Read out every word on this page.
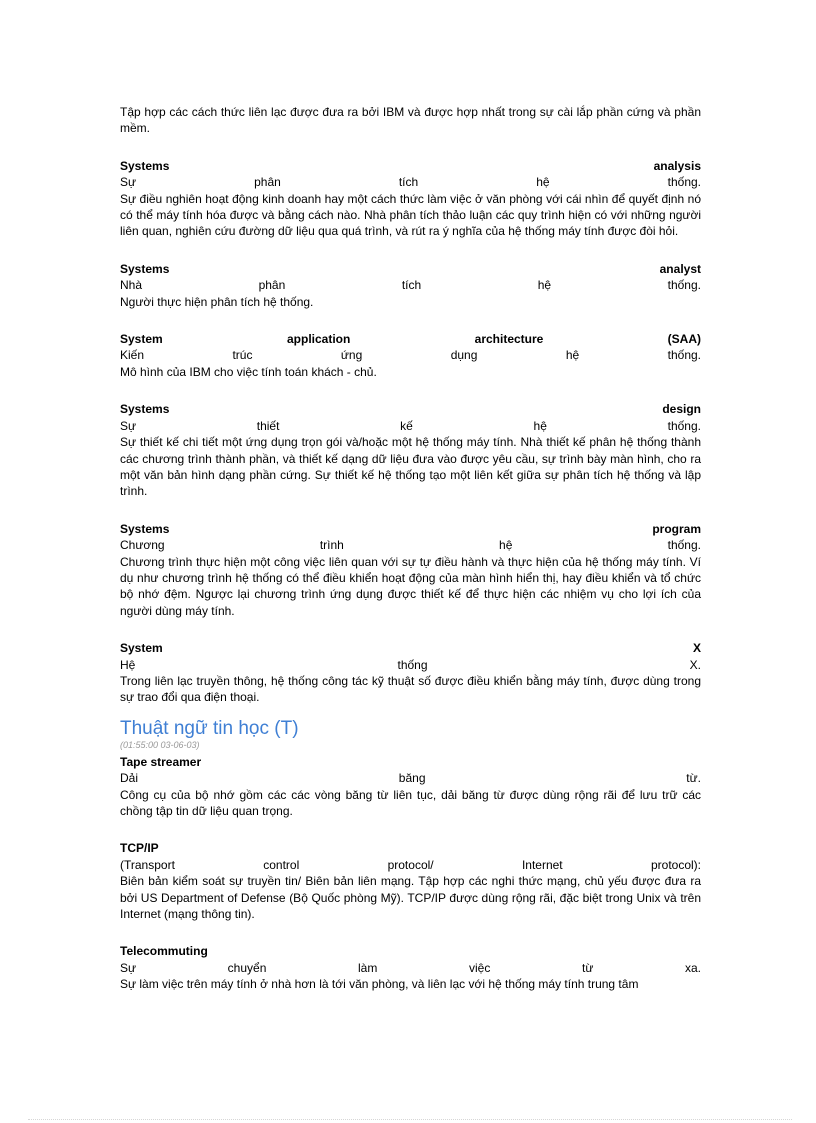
Tập hợp các cách thức liên lạc được đưa ra bởi IBM và được hợp nhất trong sự cài lắp phần cứng và phần mềm.

Systems analysis
Sự phân tích hệ thống.
Sự điều nghiên hoạt động kinh doanh hay một cách thức làm việc ở văn phòng với cái nhìn để quyết định nó có thể máy tính hóa được và bằng cách nào. Nhà phân tích thảo luận các quy trình hiện có với những người liên quan, nghiên cứu đường dữ liệu qua quá trình, và rút ra ý nghĩa của hệ thống máy tính được đòi hỏi.
Systems analyst
Nhà phân tích hệ thống.
Người thực hiện phân tích hệ thống.
System application architecture (SAA)
Kiến trúc ứng dụng hệ thống.
Mô hình của IBM cho việc tính toán khách - chủ.
Systems design
Sự thiết kế hệ thống.
Sự thiết kế chi tiết một ứng dụng trọn gói và/hoặc một hệ thống máy tính. Nhà thiết kế phân hệ thống thành các chương trình thành phần, và thiết kế dạng dữ liệu đưa vào được yêu cầu, sự trình bày màn hình, cho ra một văn bản hình dạng phần cứng. Sự thiết kế hệ thống tạo một liên kết giữa sự phân tích hệ thống và lập trình.
Systems program
Chương trình hệ thống.
Chương trình thực hiện một công việc liên quan với sự tự điều hành và thực hiện của hệ thống máy tính. Ví dụ như chương trình hệ thống có thể điều khiển hoạt động của màn hình hiển thị, hay điều khiển và tổ chức bộ nhớ đệm. Ngược lại chương trình ứng dụng được thiết kế để thực hiện các nhiệm vụ cho lợi ích của người dùng máy tính.
System X
Hệ thống X.
Trong liên lạc truyền thông, hệ thống công tác kỹ thuật số được điều khiển bằng máy tính, được dùng trong sự trao đổi qua điện thoại.
Thuật ngữ tin học (T)
(01:55:00 03-06-03)
Tape streamer
Dải băng từ.
Công cụ của bộ nhớ gồm các các vòng băng từ liên tục, dải băng từ được dùng rộng rãi để lưu trữ các chồng tập tin dữ liệu quan trọng.
TCP/IP
(Transport control protocol/ Internet protocol):
Biên bản kiểm soát sự truyền tin/ Biên bản liên mạng. Tập hợp các nghi thức mạng, chủ yếu được đưa ra bởi US Department of Defense (Bộ Quốc phòng Mỹ). TCP/IP được dùng rộng rãi, đặc biệt trong Unix và trên Internet (mạng thông tin).
Telecommuting
Sự chuyển làm việc từ xa.
Sự làm việc trên máy tính ở nhà hơn là tới văn phòng, và liên lạc với hệ thống máy tính trung tâm
